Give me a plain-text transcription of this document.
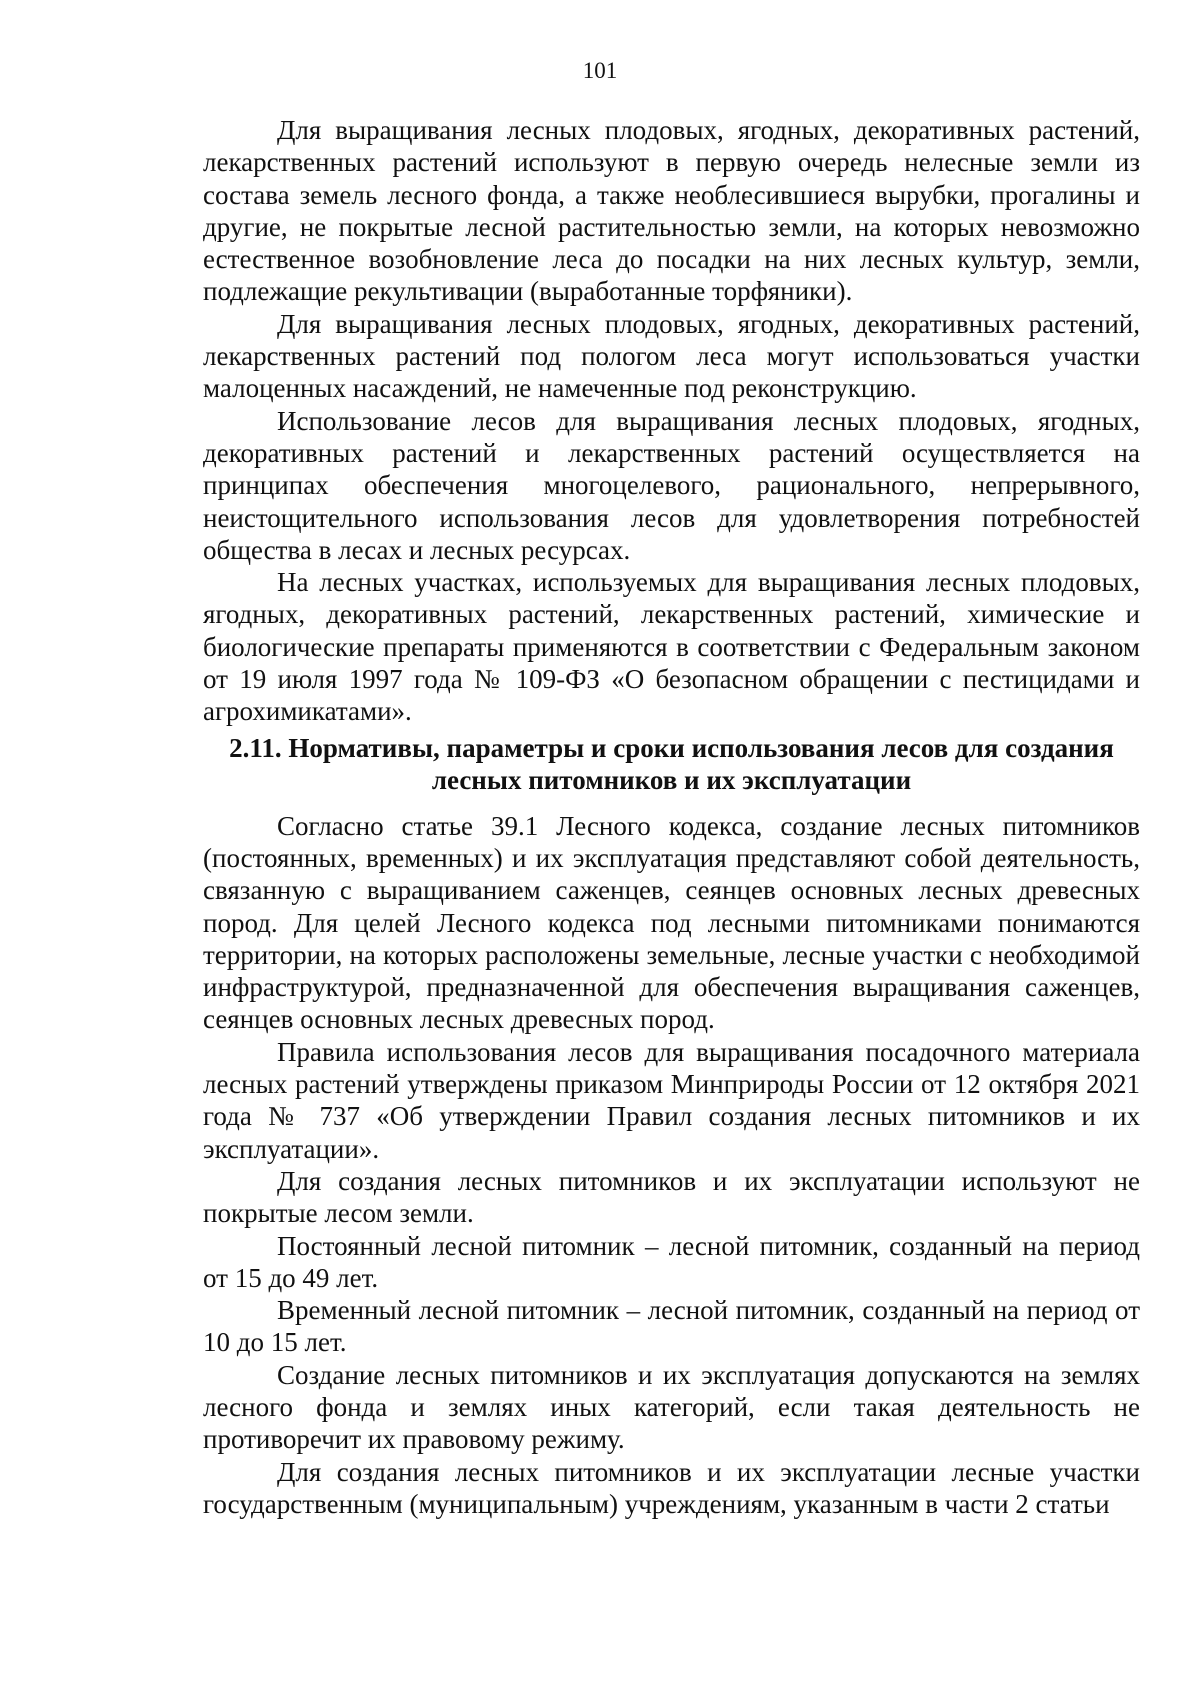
101

Для выращивания лесных плодовых, ягодных, декоративных растений, лекарственных растений используют в первую очередь нелесные земли из состава земель лесного фонда, а также необлесившиеся вырубки, прогалины и другие, не покрытые лесной растительностью земли, на которых невозможно естественное возобновление леса до посадки на них лесных культур, земли, подлежащие рекультивации (выработанные торфяники).

Для выращивания лесных плодовых, ягодных, декоративных растений, лекарственных растений под пологом леса могут использоваться участки малоценных насаждений, не намеченные под реконструкцию.

Использование лесов для выращивания лесных плодовых, ягодных, декоративных растений и лекарственных растений осуществляется на принципах обеспечения многоцелевого, рационального, непрерывного, неистощительного использования лесов для удовлетворения потребностей общества в лесах и лесных ресурсах.

На лесных участках, используемых для выращивания лесных плодовых, ягодных, декоративных растений, лекарственных растений, химические и биологические препараты применяются в соответствии с Федеральным законом от 19 июля 1997 года № 109-ФЗ «О безопасном обращении с пестицидами и агрохимикатами».

2.11. Нормативы, параметры и сроки использования лесов для создания
лесных питомников и их эксплуатации

Согласно статье 39.1 Лесного кодекса, создание лесных питомников (постоянных, временных) и их эксплуатация представляют собой деятельность, связанную с выращиванием саженцев, сеянцев основных лесных древесных пород. Для целей Лесного кодекса под лесными питомниками понимаются территории, на которых расположены земельные, лесные участки с необходимой инфраструктурой, предназначенной для обеспечения выращивания саженцев, сеянцев основных лесных древесных пород.

Правила использования лесов для выращивания посадочного материала лесных растений утверждены приказом Минприроды России от 12 октября 2021 года № 737 «Об утверждении Правил создания лесных питомников и их эксплуатации».

Для создания лесных питомников и их эксплуатации используют не покрытые лесом земли.

Постоянный лесной питомник – лесной питомник, созданный на период от 15 до 49 лет.

Временный лесной питомник – лесной питомник, созданный на период от 10 до 15 лет.

Создание лесных питомников и их эксплуатация допускаются на землях лесного фонда и землях иных категорий, если такая деятельность не противоречит их правовому режиму.

Для создания лесных питомников и их эксплуатации лесные участки государственным (муниципальным) учреждениям, указанным в части 2 статьи
